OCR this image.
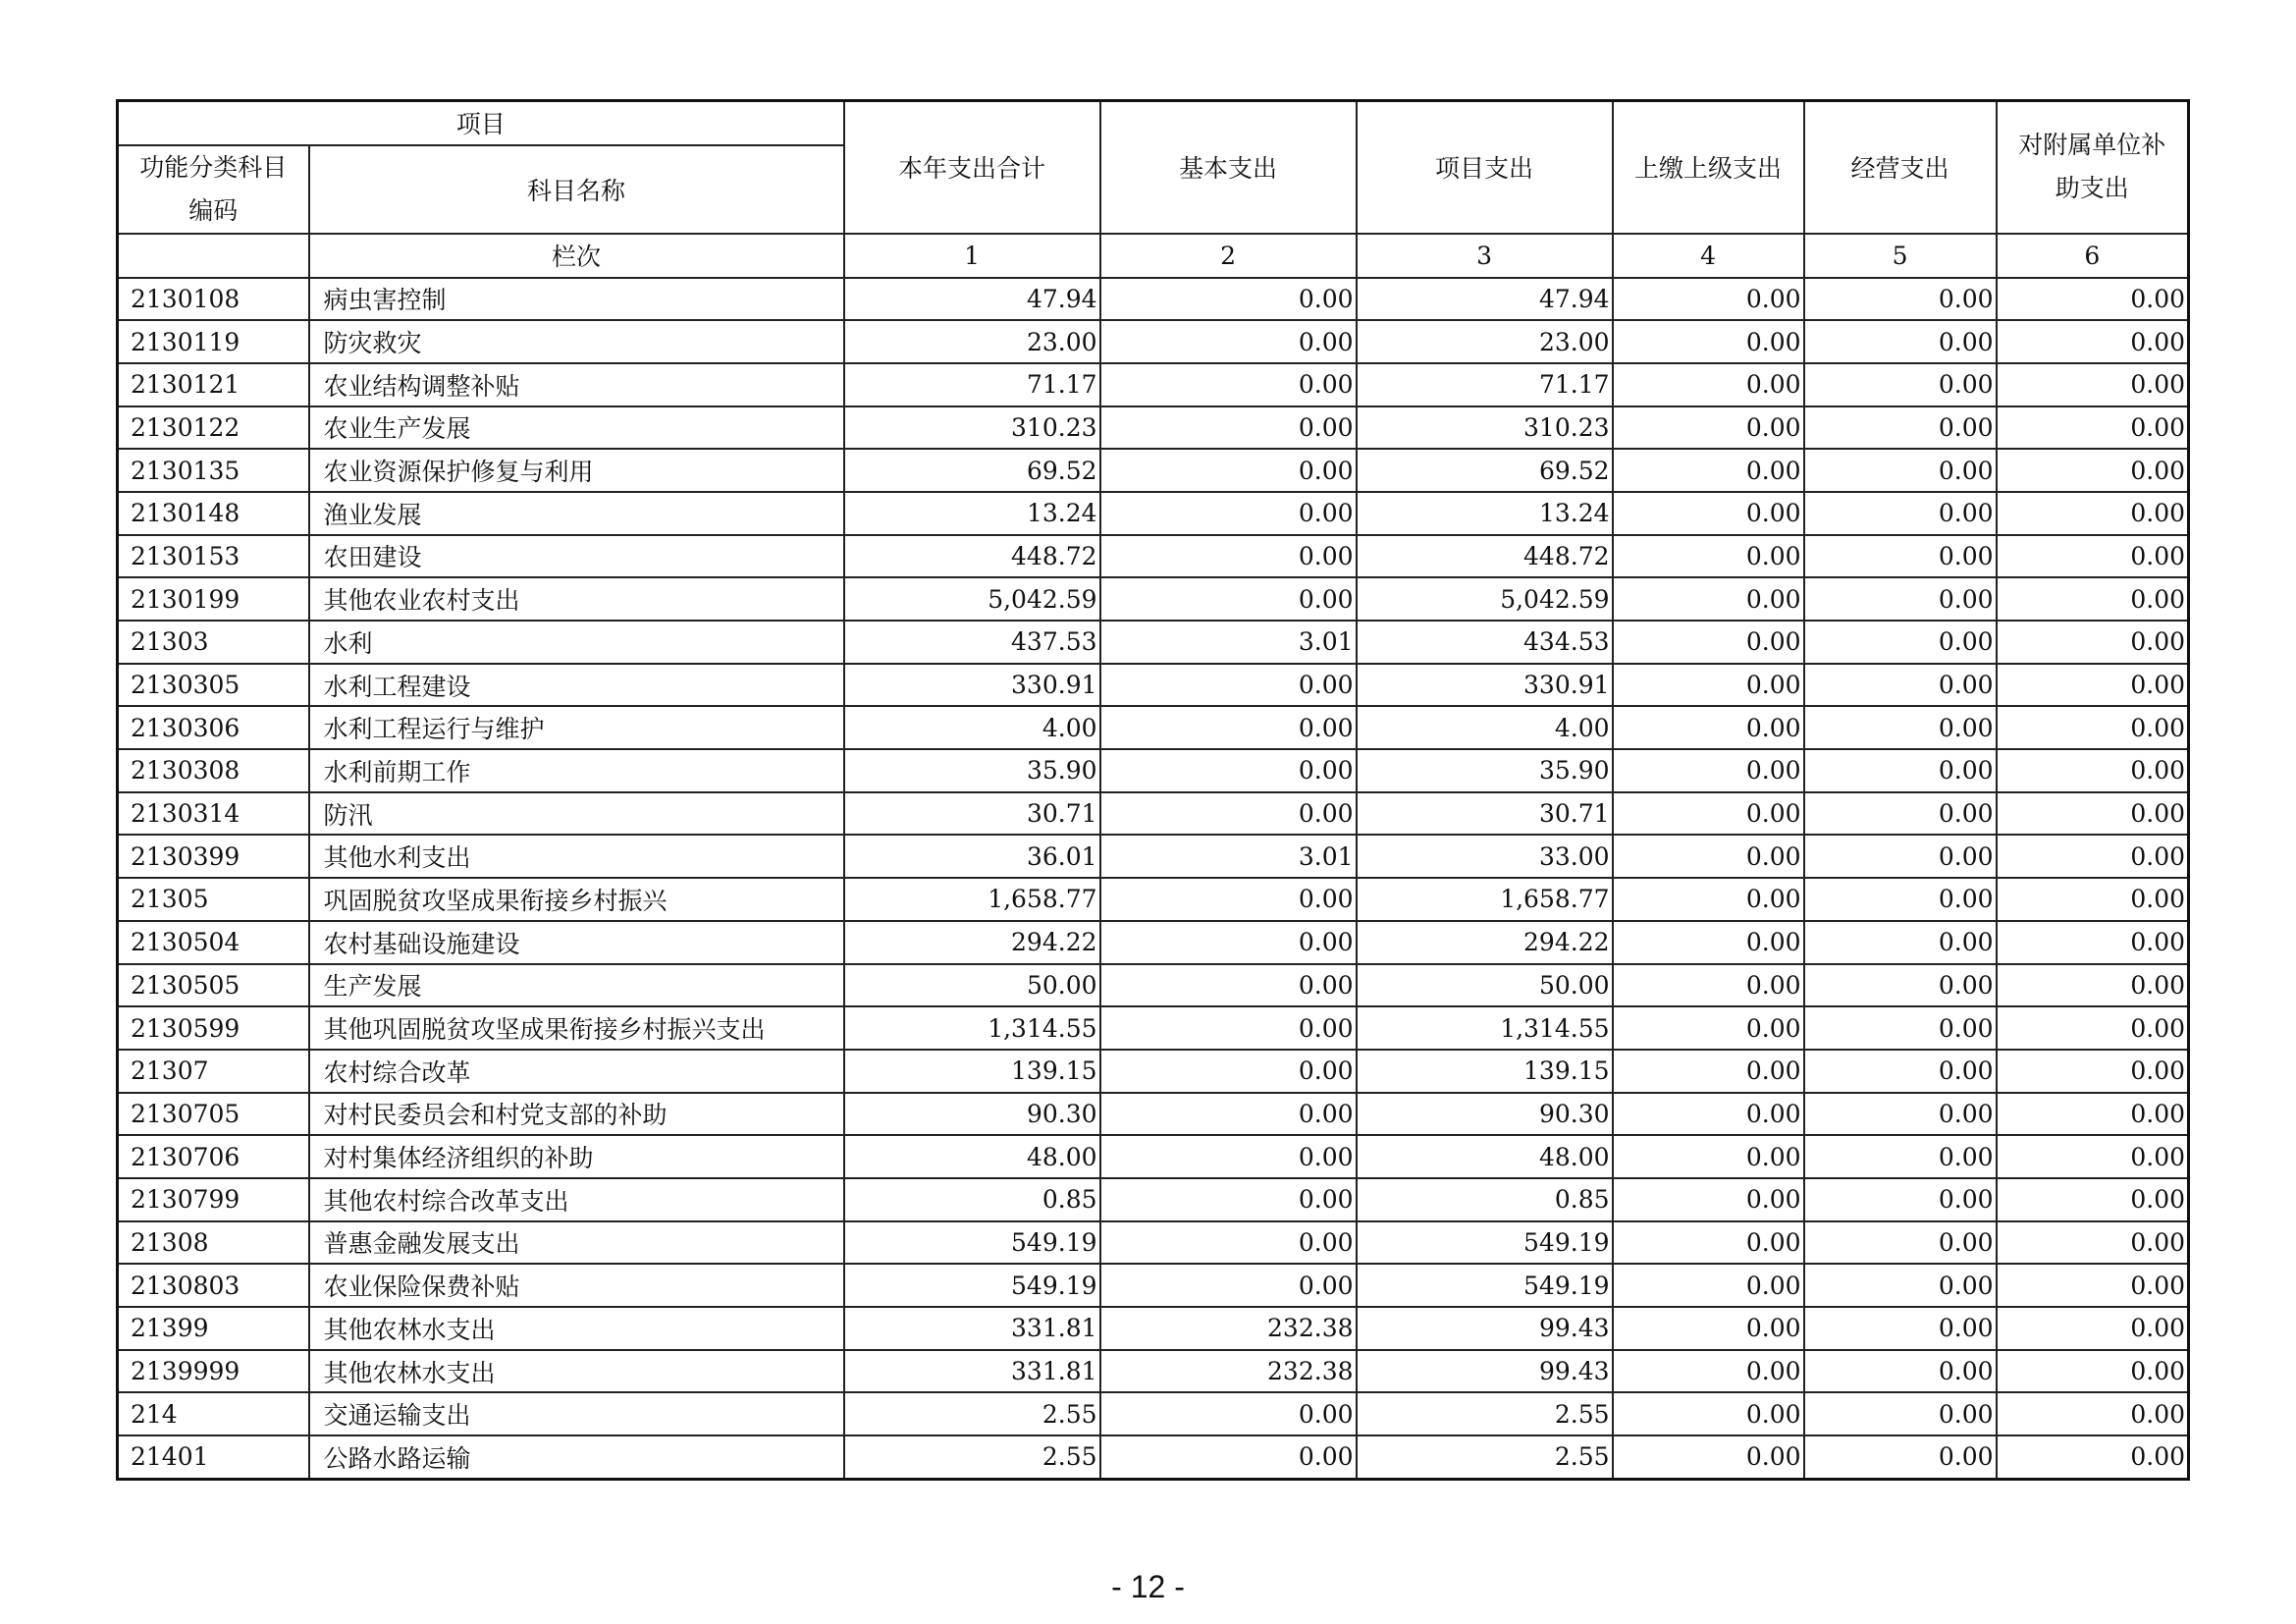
项目		本年支出合计	基本支出	项目支出	上缴上级支出	经营支出	对附属单位补助支出
功能分类科目编码	科目名称						
	栏次	1	2	3	4	5	6
2130108	病虫害控制	47.94	0.00	47.94	0.00	0.00	0.00
2130119	防灾救灾	23.00	0.00	23.00	0.00	0.00	0.00
2130121	农业结构调整补贴	71.17	0.00	71.17	0.00	0.00	0.00
2130122	农业生产发展	310.23	0.00	310.23	0.00	0.00	0.00
2130135	农业资源保护修复与利用	69.52	0.00	69.52	0.00	0.00	0.00
2130148	渔业发展	13.24	0.00	13.24	0.00	0.00	0.00
2130153	农田建设	448.72	0.00	448.72	0.00	0.00	0.00
2130199	其他农业农村支出	5,042.59	0.00	5,042.59	0.00	0.00	0.00
21303	水利	437.53	3.01	434.53	0.00	0.00	0.00
2130305	水利工程建设	330.91	0.00	330.91	0.00	0.00	0.00
2130306	水利工程运行与维护	4.00	0.00	4.00	0.00	0.00	0.00
2130308	水利前期工作	35.90	0.00	35.90	0.00	0.00	0.00
2130314	防汛	30.71	0.00	30.71	0.00	0.00	0.00
2130399	其他水利支出	36.01	3.01	33.00	0.00	0.00	0.00
21305	巩固脱贫攻坚成果衔接乡村振兴	1,658.77	0.00	1,658.77	0.00	0.00	0.00
2130504	农村基础设施建设	294.22	0.00	294.22	0.00	0.00	0.00
2130505	生产发展	50.00	0.00	50.00	0.00	0.00	0.00
2130599	其他巩固脱贫攻坚成果衔接乡村振兴支出	1,314.55	0.00	1,314.55	0.00	0.00	0.00
21307	农村综合改革	139.15	0.00	139.15	0.00	0.00	0.00
2130705	对村民委员会和村党支部的补助	90.30	0.00	90.30	0.00	0.00	0.00
2130706	对村集体经济组织的补助	48.00	0.00	48.00	0.00	0.00	0.00
2130799	其他农村综合改革支出	0.85	0.00	0.85	0.00	0.00	0.00
21308	普惠金融发展支出	549.19	0.00	549.19	0.00	0.00	0.00
2130803	农业保险保费补贴	549.19	0.00	549.19	0.00	0.00	0.00
21399	其他农林水支出	331.81	232.38	99.43	0.00	0.00	0.00
2139999	其他农林水支出	331.81	232.38	99.43	0.00	0.00	0.00
214	交通运输支出	2.55	0.00	2.55	0.00	0.00	0.00
21401	公路水路运输	2.55	0.00	2.55	0.00	0.00	0.00
- 12 -
